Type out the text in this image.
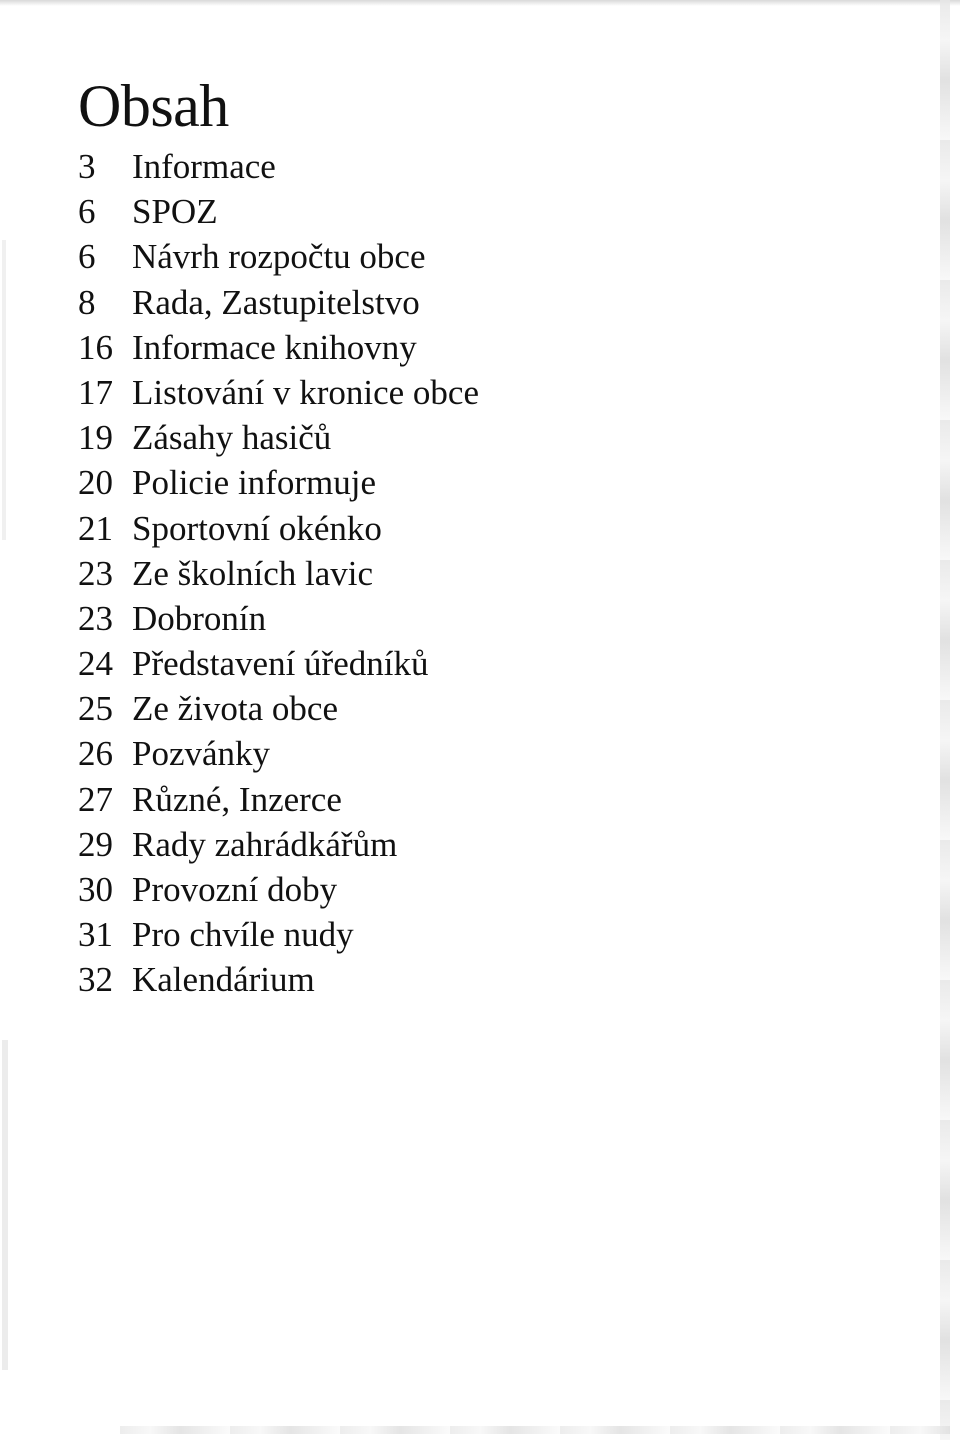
Obsah
3	Informace
6	SPOZ
6	Návrh rozpočtu obce
8	Rada, Zastupitelstvo
16 Informace knihovny
17 Listování v kronice obce
19 Zásahy hasičů
20 Policie informuje
21 Sportovní okénko
23 Ze školních lavic
23 Dobronín
24 Představení úředníků
25 Ze života obce
26 Pozvánky
27 Různé, Inzerce
29 Rady zahrádkářům
30 Provozní doby
31 Pro chvíle nudy
32 Kalendárium
